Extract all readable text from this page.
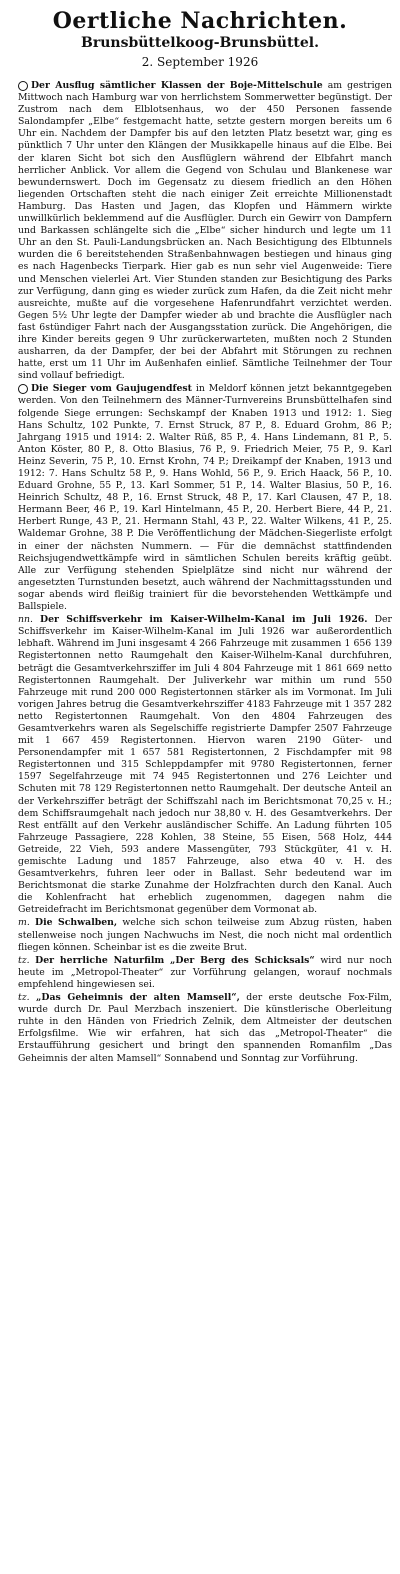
Oertliche Nachrichten.
Brunsbüttelkoog-Brunsbüttel.
2. September 1926

Der Ausflug sämtlicher Klassen der Boje-Mittelschule am gestrigen Mittwoch nach Hamburg war von herrlichstem Sommerwetter begünstigt. Der Zustrom nach dem Elblotsenhaus, wo der 450 Personen fassende Salondampfer „Elbe“ festgemacht hatte, setzte gestern morgen bereits um 6 Uhr ein. Nachdem der Dampfer bis auf den letzten Platz besetzt war, ging es pünktlich 7 Uhr unter den Klängen der Musikkapelle hinaus auf die Elbe. Bei der klaren Sicht bot sich den Ausflüglern während der Elbfahrt manch herrlicher Anblick. Vor allem die Gegend von Schulau und Blankenese war bewundernswert. Doch im Gegensatz zu diesem friedlich an den Höhen liegenden Ortschaften steht die nach einiger Zeit erreichte Millionenstadt Hamburg. Das Hasten und Jagen, das Klopfen und Hämmern wirkte unwillkürlich beklemmend auf die Ausflügler. Durch ein Gewirr von Dampfern und Barkassen schlängelte sich die „Elbe“ sicher hindurch und legte um 11 Uhr an den St. Pauli-Landungsbrücken an. Nach Besichtigung des Elbtunnels wurden die 6 bereitstehenden Straßenbahnwagen bestiegen und hinaus ging es nach Hagenbecks Tierpark. Hier gab es nun sehr viel Augenweide: Tiere und Menschen vielerlei Art. Vier Stunden standen zur Besichtigung des Parks zur Verfügung, dann ging es wieder zurück zum Hafen, da die Zeit nicht mehr ausreichte, mußte auf die vorgesehene Hafenrundfahrt verzichtet werden. Gegen 5½ Uhr legte der Dampfer wieder ab und brachte die Ausflügler nach fast 6stündiger Fahrt nach der Ausgangsstation zurück. Die Angehörigen, die ihre Kinder bereits gegen 9 Uhr zurückerwarteten, mußten noch 2 Stunden ausharren, da der Dampfer, der bei der Abfahrt mit Störungen zu rechnen hatte, erst um 11 Uhr im Außenhafen einlief. Sämtliche Teilnehmer der Tour sind vollauf befriedigt.

Die Sieger vom Gaujugendfest in Meldorf können jetzt bekanntgegeben werden. Von den Teilnehmern des Männer-Turnvereins Brunsbüttelhafen sind folgende Siege errungen: Sechskampf der Knaben 1913 und 1912: 1. Sieg Hans Schultz, 102 Punkte, 7. Ernst Struck, 87 P., 8. Eduard Grohm, 86 P.; Jahrgang 1915 und 1914: 2. Walter Rüß, 85 P., 4. Hans Lindemann, 81 P., 5. Anton Köster, 80 P., 8. Otto Blasius, 76 P., 9. Friedrich Meier, 75 P., 9. Karl Heinz Severin, 75 P., 10. Ernst Krohn, 74 P.; Dreikampf der Knaben, 1913 und 1912: 7. Hans Schultz 58 P., 9. Hans Wohld, 56 P., 9. Erich Haack, 56 P., 10. Eduard Grohne, 55 P., 13. Karl Sommer, 51 P., 14. Walter Blasius, 50 P., 16. Heinrich Schultz, 48 P., 16. Ernst Struck, 48 P., 17. Karl Clausen, 47 P., 18. Hermann Beer, 46 P., 19. Karl Hintelmann, 45 P., 20. Herbert Biere, 44 P., 21. Herbert Runge, 43 P., 21. Hermann Stahl, 43 P., 22. Walter Wilkens, 41 P., 25. Waldemar Grohne, 38 P. Die Veröffentlichung der Mädchen-Siegerliste erfolgt in einer der nächsten Nummern. — Für die demnächst stattfindenden Reichsjugendwettkämpfe wird in sämtlichen Schulen bereits kräftig geübt. Alle zur Verfügung stehenden Spielplätze sind nicht nur während der angesetzten Turnstunden besetzt, auch während der Nachmittagsstunden und sogar abends wird fleißig trainiert für die bevorstehenden Wettkämpfe und Ballspiele.

nn. Der Schiffsverkehr im Kaiser-Wilhelm-Kanal im Juli 1926. Der Schiffsverkehr im Kaiser-Wilhelm-Kanal im Juli 1926 war außerordentlich lebhaft. Während im Juni insgesamt 4 266 Fahrzeuge mit zusammen 1 656 139 Registertonnen netto Raumgehalt den Kaiser-Wilhelm-Kanal durchfuhren, beträgt die Gesamtverkehrsziffer im Juli 4 804 Fahrzeuge mit 1 861 669 netto Registertonnen Raumgehalt. Der Juliverkehr war mithin um rund 550 Fahrzeuge mit rund 200 000 Registertonnen stärker als im Vormonat. Im Juli vorigen Jahres betrug die Gesamtverkehrsziffer 4183 Fahrzeuge mit 1 357 282 netto Registertonnen Raumgehalt. Von den 4804 Fahrzeugen des Gesamtverkehrs waren als Segelschiffe registrierte Dampfer 2507 Fahrzeuge mit 1 667 459 Registertonnen. Hiervon waren 2190 Güter- und Personendampfer mit 1 657 581 Registertonnen, 2 Fischdampfer mit 98 Registertonnen und 315 Schleppdampfer mit 9780 Registertonnen, ferner 1597 Segelfahrzeuge mit 74 945 Registertonnen und 276 Leichter und Schuten mit 78 129 Registertonnen netto Raumgehalt. Der deutsche Anteil an der Verkehrsziffer beträgt der Schiffszahl nach im Berichtsmonat 70,25 v. H.; dem Schiffsraumgehalt nach jedoch nur 38,80 v. H. des Gesamtverkehrs. Der Rest entfällt auf den Verkehr ausländischer Schiffe. An Ladung führten 105 Fahrzeuge Passagiere, 228 Kohlen, 38 Steine, 55 Eisen, 568 Holz, 444 Getreide, 22 Vieh, 593 andere Massengüter, 793 Stückgüter, 41 v. H. gemischte Ladung und 1857 Fahrzeuge, also etwa 40 v. H. des Gesamtverkehrs, fuhren leer oder in Ballast. Sehr bedeutend war im Berichtsmonat die starke Zunahme der Holzfrachten durch den Kanal. Auch die Kohlenfracht hat erheblich zugenommen, dagegen nahm die Getreidefracht im Berichtsmonat gegenüber dem Vormonat ab.

m. Die Schwalben, welche sich schon teilweise zum Abzug rüsten, haben stellenweise noch jungen Nachwuchs im Nest, die noch nicht mal ordentlich fliegen können. Scheinbar ist es die zweite Brut.

tz. Der herrliche Naturfilm „Der Berg des Schicksals“ wird nur noch heute im „Metropol-Theater“ zur Vorführung gelangen, worauf nochmals empfehlend hingewiesen sei.

tz. „Das Geheimnis der alten Mamsell“, der erste deutsche Fox-Film, wurde durch Dr. Paul Merzbach inszeniert. Die künstlerische Oberleitung ruhte in den Händen von Friedrich Zelnik, dem Altmeister der deutschen Erfolgsfilme. Wie wir erfahren, hat sich das „Metropol-Theater“ die Erstaufführung gesichert und bringt den spannenden Romanfilm „Das Geheimnis der alten Mamsell“ Sonnabend und Sonntag zur Vorführung.
